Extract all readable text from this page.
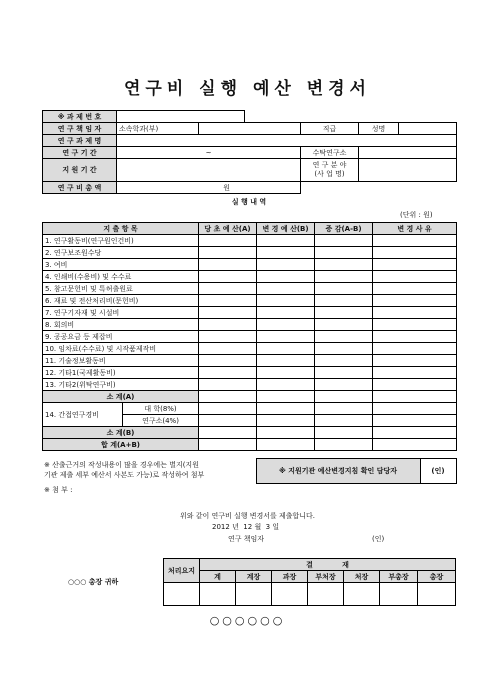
연구비 실행 예산 변경서
※ 과 제 번 호						
연 구 책 임 자	소속학과(부)			직급	성명	
연 구 과 제 명						
연 구 기 간	~			수탁연구소		
지 원 기 간				연 구 분 야
(사 업 명)		

연 구 비 총 액	원					
실 행 내 역
(단위 : 원)
지 출 항 목		당 초 예 산(A)	변 경 예 산(B)	증 감(A-B)	변 경 사 유
1. 연구활동비(연구원인건비)					
2. 연구보조원수당					
3. 여비					
4. 인쇄비(수용비) 및 수수료					
5. 참고문헌비 및 특허출원료					
6. 재료 및 전산처리비(문헌비)					
7. 연구기자재 및 시설비					
8. 회의비					
9. 공공요금 등 제잡비					
10. 임차료(수수료) 및 시작품제작비					
11. 기술정보활동비					
12. 기타1(국제활동비)					
13. 기타2(위탁연구비)					
소 계(A)					
14. 간접연구경비	대 학(8%)				
	연구소(4%)				
소 계(B)					
합 계(A+B)					
※ 산출근거의 작성내용이 많을 경우에는 별지(지원
기관 제출 세부 예산서 사본도 가능)로 작성하여 첨부	※ 지원기관 예산변경지침 확인 담당자	(인)
※ 첨 부 :
위와 같이 연구비 실행 변경서를 제출합니다.
2012 년 12 월 3 일
연구 책임자	(인)
○○○ 총장 귀하
처리요지	결 재						
	계	계장	과장	부처장	처장	부총장	총장

○○○○○○
